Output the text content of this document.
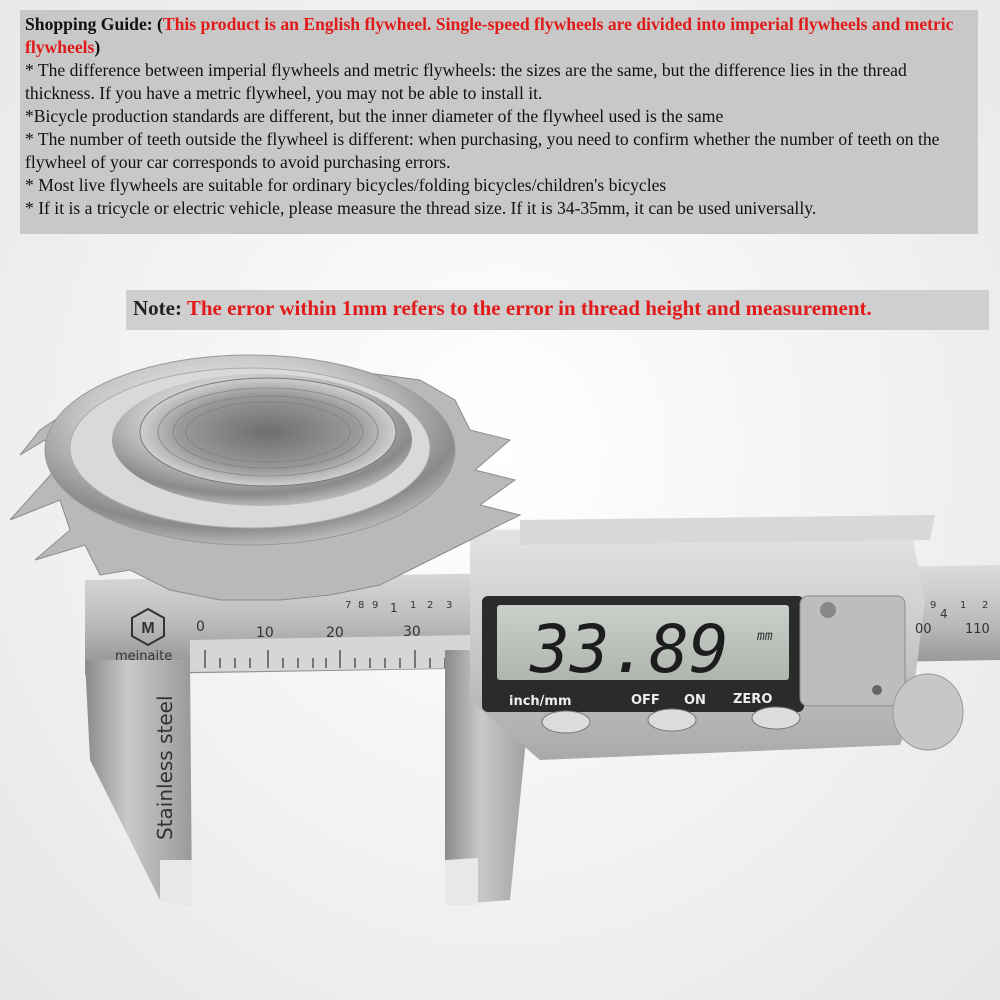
M
meinaite
0	10	20	30	00	110
7 8 9 1 1 2 3	9
4
1 2
Stainless steel
33.89 mm
inch/mm	OFF ON ZERO

Shopping Guide: (This product is an English flywheel. Single-speed flywheels are divided into imperial flywheels and metric flywheels)

* The difference between imperial flywheels and metric flywheels: the sizes are the same, but the difference lies in the thread thickness. If you have a metric flywheel, you may not be able to install it.

*Bicycle production standards are different, but the inner diameter of the flywheel used is the same

* The number of teeth outside the flywheel is different: when purchasing, you need to confirm whether the number of teeth on the flywheel of your car corresponds to avoid purchasing errors.

* Most live flywheels are suitable for ordinary bicycles/folding bicycles/children's bicycles

* If it is a tricycle or electric vehicle, please measure the thread size. If it is 34-35mm, it can be used universally.

Note: The error within 1mm refers to the error in thread height and measurement.
